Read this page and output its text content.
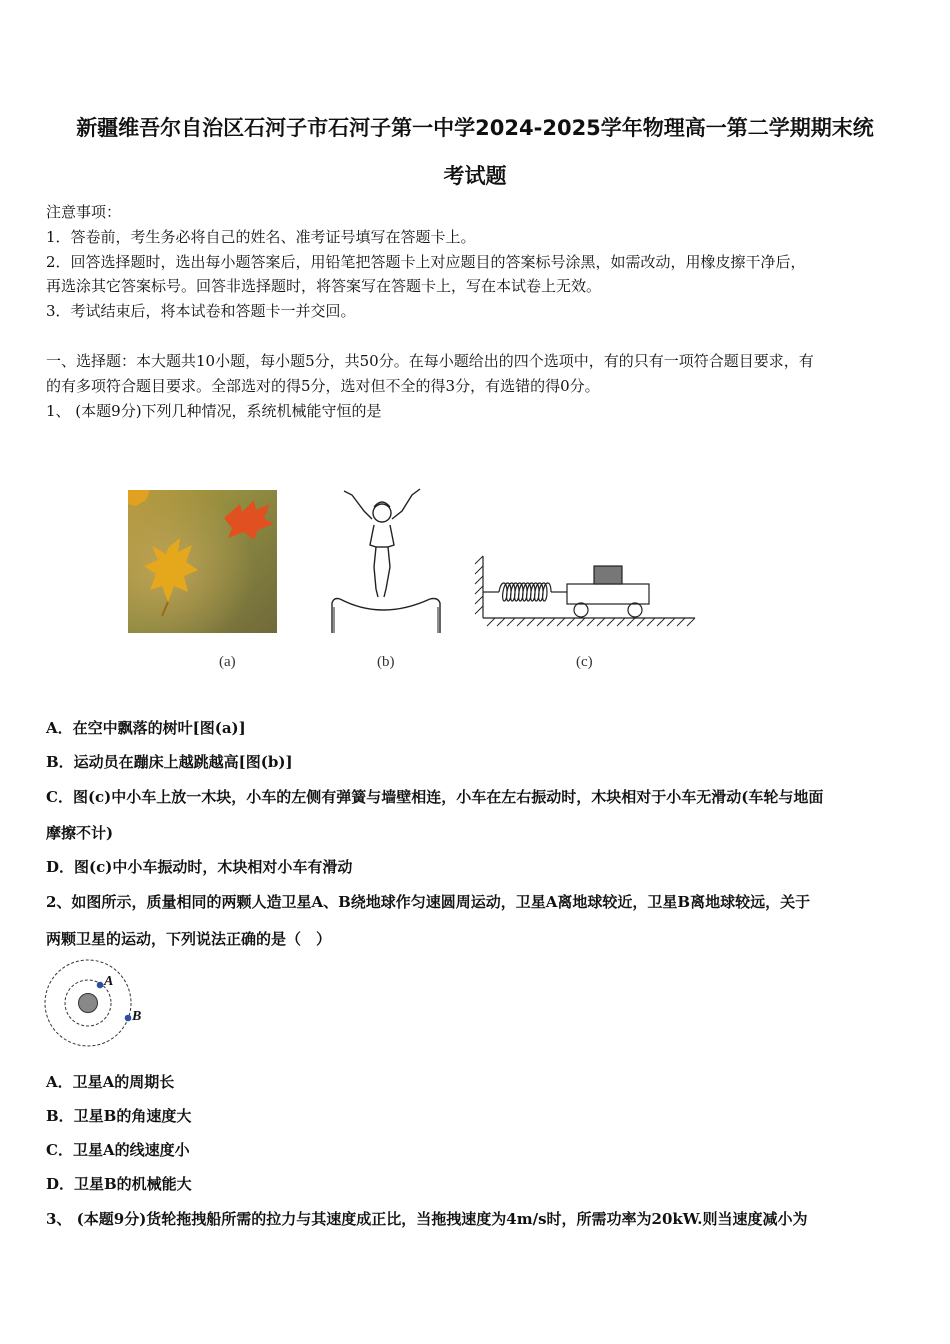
新疆维吾尔自治区石河子市石河子第一中学2024-2025学年物理高一第二学期期末统
考试题
注意事项：
1．答卷前，考生务必将自己的姓名、准考证号填写在答题卡上。
2．回答选择题时，选出每小题答案后，用铅笔把答题卡上对应题目的答案标号涂黑，如需改动，用橡皮擦干净后，
再选涂其它答案标号。回答非选择题时，将答案写在答题卡上，写在本试卷上无效。
3．考试结束后，将本试卷和答题卡一并交回。
一、选择题：本大题共10小题，每小题5分，共50分。在每小题给出的四个选项中，有的只有一项符合题目要求，有
的有多项符合题目要求。全部选对的得5分，选对但不全的得3分，有选错的得0分。
1、 (本题9分)下列几种情况，系统机械能守恒的是
(a)	(b)	(c)
A．在空中飘落的树叶[图(a)]
B．运动员在蹦床上越跳越高[图(b)]
C．图(c)中小车上放一木块，小车的左侧有弹簧与墙壁相连，小车在左右振动时，木块相对于小车无滑动(车轮与地面
摩擦不计)
D．图(c)中小车振动时，木块相对小车有滑动
2、如图所示，质量相同的两颗人造卫星A、B绕地球作匀速圆周运动，卫星A离地球较近，卫星B离地球较远，关于
两颗卫星的运动，下列说法正确的是（　）
A
B
A．卫星A的周期长
B．卫星B的角速度大
C．卫星A的线速度小
D．卫星B的机械能大
3、 (本题9分)货轮拖拽船所需的拉力与其速度成正比，当拖拽速度为4m/s时，所需功率为20kW.则当速度减小为
